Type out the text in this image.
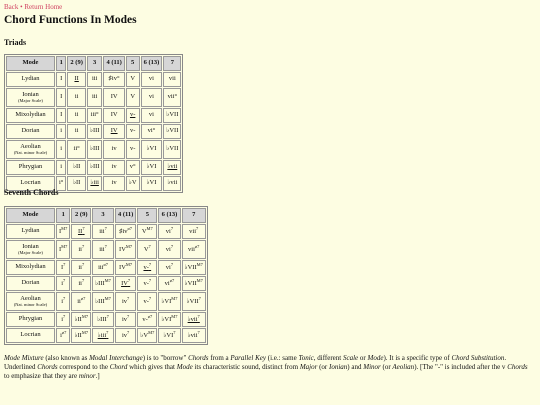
Back • Return Home
Chord Functions In Modes
Triads
Mode	1	2 (9)	3	4 (11)	5	6 (13)	7

Lydian	I	II	iii	♯iv°	V	vi	vii

Ionian
(Major Scale)	I	ii	iii	IV	V	vi	vii°

Mixolydian	I	ii	iii°	IV	v-	vi	♭VII

Dorian	i	ii	♭III	IV	v-	vi°	♭VII

Aeolian
(Nat. minor Scale)	i	ii°	♭III	iv	v-	♭VI	♭VII

Phrygian	i	♭II	♭III	iv	v°	♭VI	♭vii

Locrian	i°	♭II	♭iii	iv	♭V	♭VI	♭vii
Seventh Chords
Mode	1	2 (9)	3	4 (11)	5	6 (13)	7

Lydian	$I^{M7}$	$II^7$	iii$^7$	$♯iv^{ø7}$	$V^{M7}$	$vi^7$	vii$^7$

Ionian
(Major Scale)	$I^{M7}$	$ii^7$	iii$^7$	$IV^{M7}$	$V^7$	$vi^7$	vii$^{ø7}$

Mixolydian	$I^7$	$ii^7$	iii$^{ø7}$	$IV^{M7}$	v-$^7$	$vi^7$	$♭VII^{M7}$

Dorian	$i^7$	$ii^7$	$♭III^{M7}$	$IV^7$	v-$^7$	$vi^{ø7}$	$♭VII^{M7}$

Aeolian
(Nat. minor Scale)	$i^7$	$ii^{ø7}$	$♭III^{M7}$	$iv^7$	v-$^7$	$♭VI^{M7}$	♭VII$^7$

Phrygian	$i^7$	$♭II^{M7}$	♭III$^7$	$iv^7$	v-$^{ø7}$	$♭VI^{M7}$	♭vii$^7$

Locrian	$i^{ø7}$	$♭II^{M7}$	♭iii$^7$	$iv^7$	$♭V^{M7}$	$♭VI^7$	♭vii$^7$

Mode Mixture (also known as Modal Interchange) is to "borrow" Chords from a Parallel Key (i.e.: same Tonic, different Scale or Mode). It is a specific type of Chord Substitution. Underlined Chords correspond to the Chord which gives that Mode its characteristic sound, distinct from Major (or Ionian) and Minor (or Aeolian). [The "-" is included after the v Chords to emphasize that they are minor.]
